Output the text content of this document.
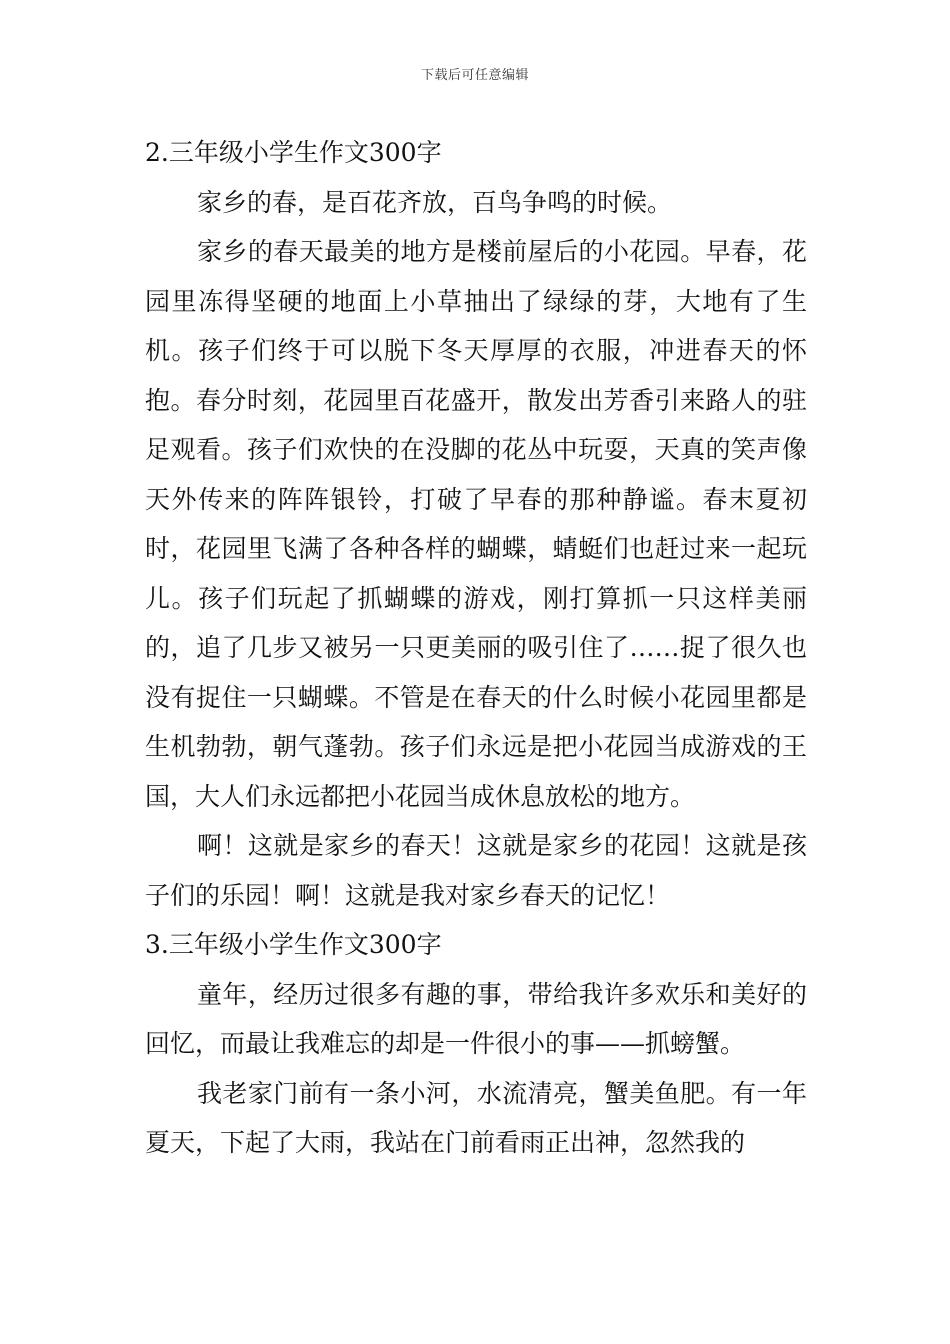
下载后可任意编辑

2.三年级小学生作文300字

家乡的春，是百花齐放，百鸟争鸣的时候。

家乡的春天最美的地方是楼前屋后的小花园。早春，花园里冻得坚硬的地面上小草抽出了绿绿的芽，大地有了生机。孩子们终于可以脱下冬天厚厚的衣服，冲进春天的怀抱。春分时刻，花园里百花盛开，散发出芳香引来路人的驻足观看。孩子们欢快的在没脚的花丛中玩耍，天真的笑声像天外传来的阵阵银铃，打破了早春的那种静谧。春末夏初时，花园里飞满了各种各样的蝴蝶，蜻蜓们也赶过来一起玩儿。孩子们玩起了抓蝴蝶的游戏，刚打算抓一只这样美丽的，追了几步又被另一只更美丽的吸引住了……捉了很久也没有捉住一只蝴蝶。不管是在春天的什么时候小花园里都是生机勃勃，朝气蓬勃。孩子们永远是把小花园当成游戏的王国，大人们永远都把小花园当成休息放松的地方。

啊！这就是家乡的春天！这就是家乡的花园！这就是孩子们的乐园！啊！这就是我对家乡春天的记忆！

3.三年级小学生作文300字

童年，经历过很多有趣的事，带给我许多欢乐和美好的回忆，而最让我难忘的却是一件很小的事——抓螃蟹。

我老家门前有一条小河，水流清亮，蟹美鱼肥。有一年夏天，下起了大雨，我站在门前看雨正出神，忽然我的
